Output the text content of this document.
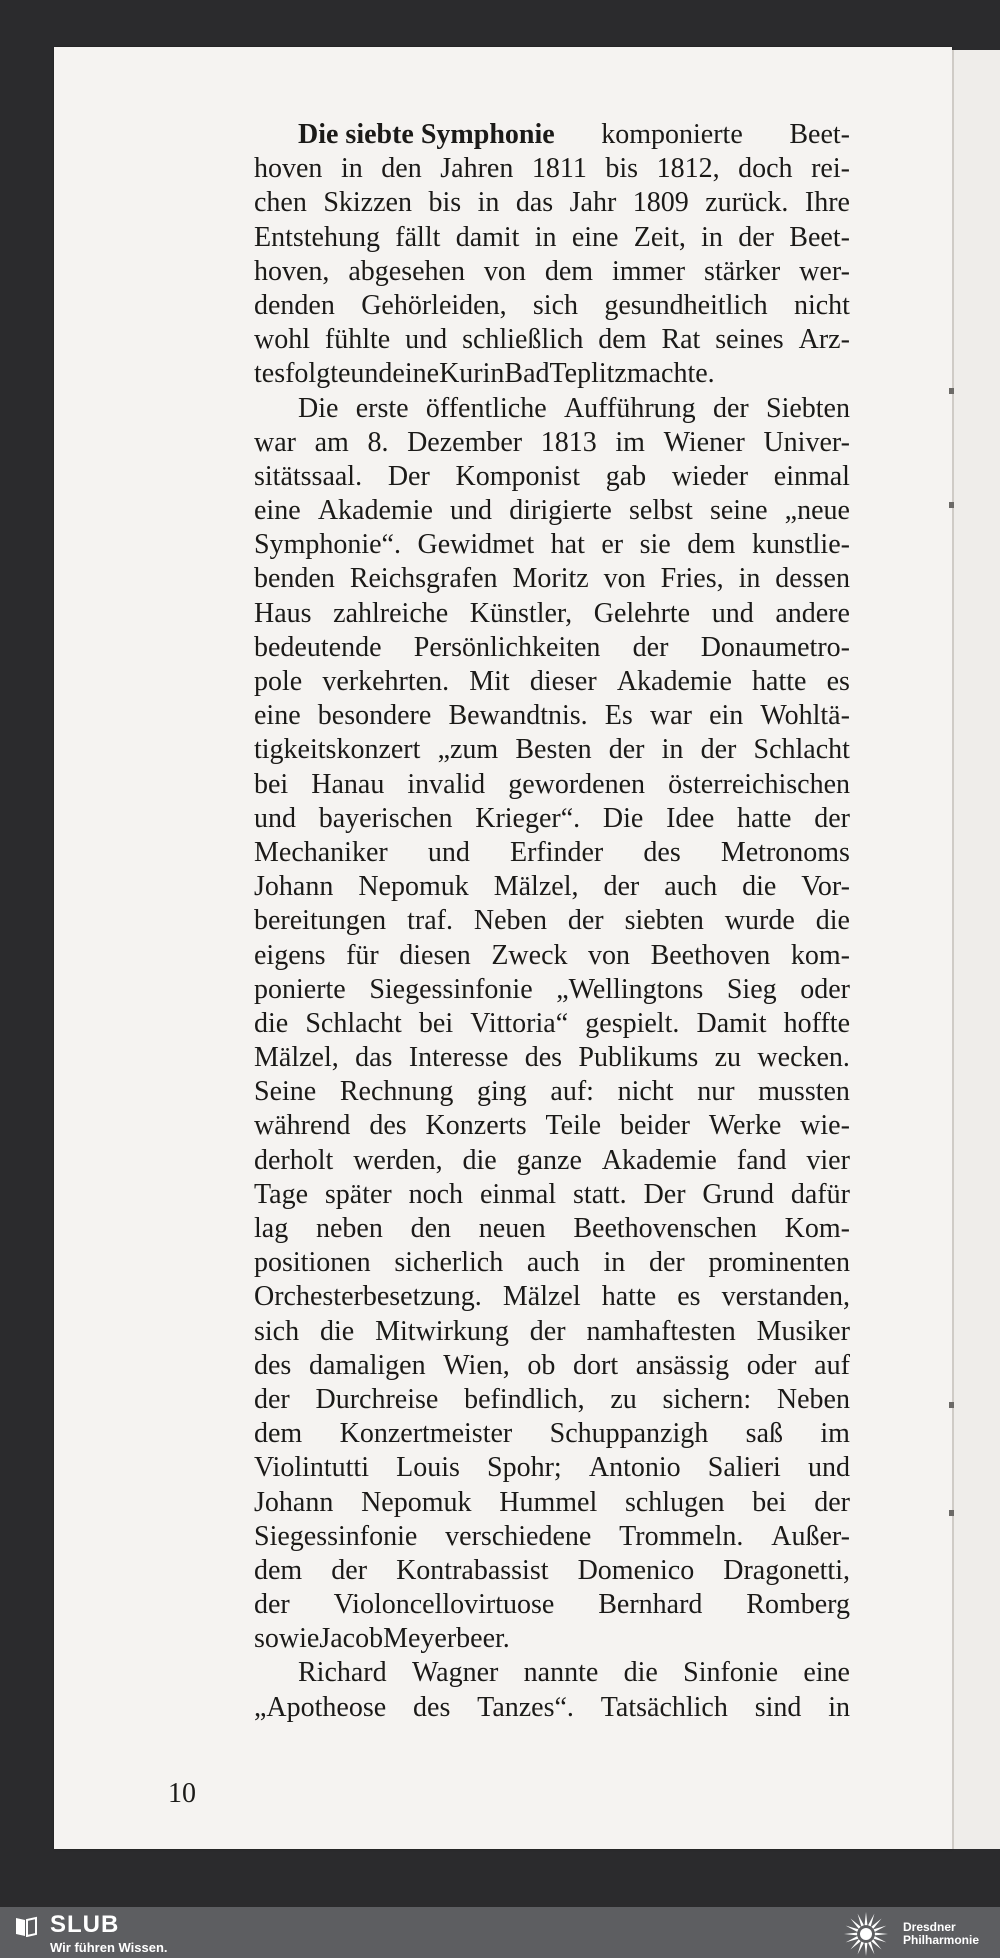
Die siebte Symphonie komponierte Beet-
hoven in den Jahren 1811 bis 1812, doch rei-
chen Skizzen bis in das Jahr 1809 zurück. Ihre
Entstehung fällt damit in eine Zeit, in der Beet-
hoven, abgesehen von dem immer stärker wer-
denden Gehörleiden, sich gesundheitlich nicht
wohl fühlte und schließlich dem Rat seines Arz-
tes folgte und eine Kur in Bad Teplitz machte.
Die erste öffentliche Aufführung der Siebten
war am 8. Dezember 1813 im Wiener Univer-
sitätssaal. Der Komponist gab wieder einmal
eine Akademie und dirigierte selbst seine „neue
Symphonie“. Gewidmet hat er sie dem kunstlie-
benden Reichsgrafen Moritz von Fries, in dessen
Haus zahlreiche Künstler, Gelehrte und andere
bedeutende Persönlichkeiten der Donaumetro-
pole verkehrten. Mit dieser Akademie hatte es
eine besondere Bewandtnis. Es war ein Wohltä-
tigkeitskonzert „zum Besten der in der Schlacht
bei Hanau invalid gewordenen österreichischen
und bayerischen Krieger“. Die Idee hatte der
Mechaniker und Erfinder des Metronoms
Johann Nepomuk Mälzel, der auch die Vor-
bereitungen traf. Neben der siebten wurde die
eigens für diesen Zweck von Beethoven kom-
ponierte Siegessinfonie „Wellingtons Sieg oder
die Schlacht bei Vittoria“ gespielt. Damit hoffte
Mälzel, das Interesse des Publikums zu wecken.
Seine Rechnung ging auf: nicht nur mussten
während des Konzerts Teile beider Werke wie-
derholt werden, die ganze Akademie fand vier
Tage später noch einmal statt. Der Grund dafür
lag neben den neuen Beethovenschen Kom-
positionen sicherlich auch in der prominenten
Orchesterbesetzung. Mälzel hatte es verstanden,
sich die Mitwirkung der namhaftesten Musiker
des damaligen Wien, ob dort ansässig oder auf
der Durchreise befindlich, zu sichern: Neben
dem Konzertmeister Schuppanzigh saß im
Violintutti Louis Spohr; Antonio Salieri und
Johann Nepomuk Hummel schlugen bei der
Siegessinfonie verschiedene Trommeln. Außer-
dem der Kontrabassist Domenico Dragonetti,
der Violoncellovirtuose Bernhard Romberg
sowie Jacob Meyerbeer.
Richard Wagner nannte die Sinfonie eine
„Apotheose des Tanzes“. Tatsächlich sind in
10
SLUB
Wir führen Wissen.
Dresdner
Philharmonie
